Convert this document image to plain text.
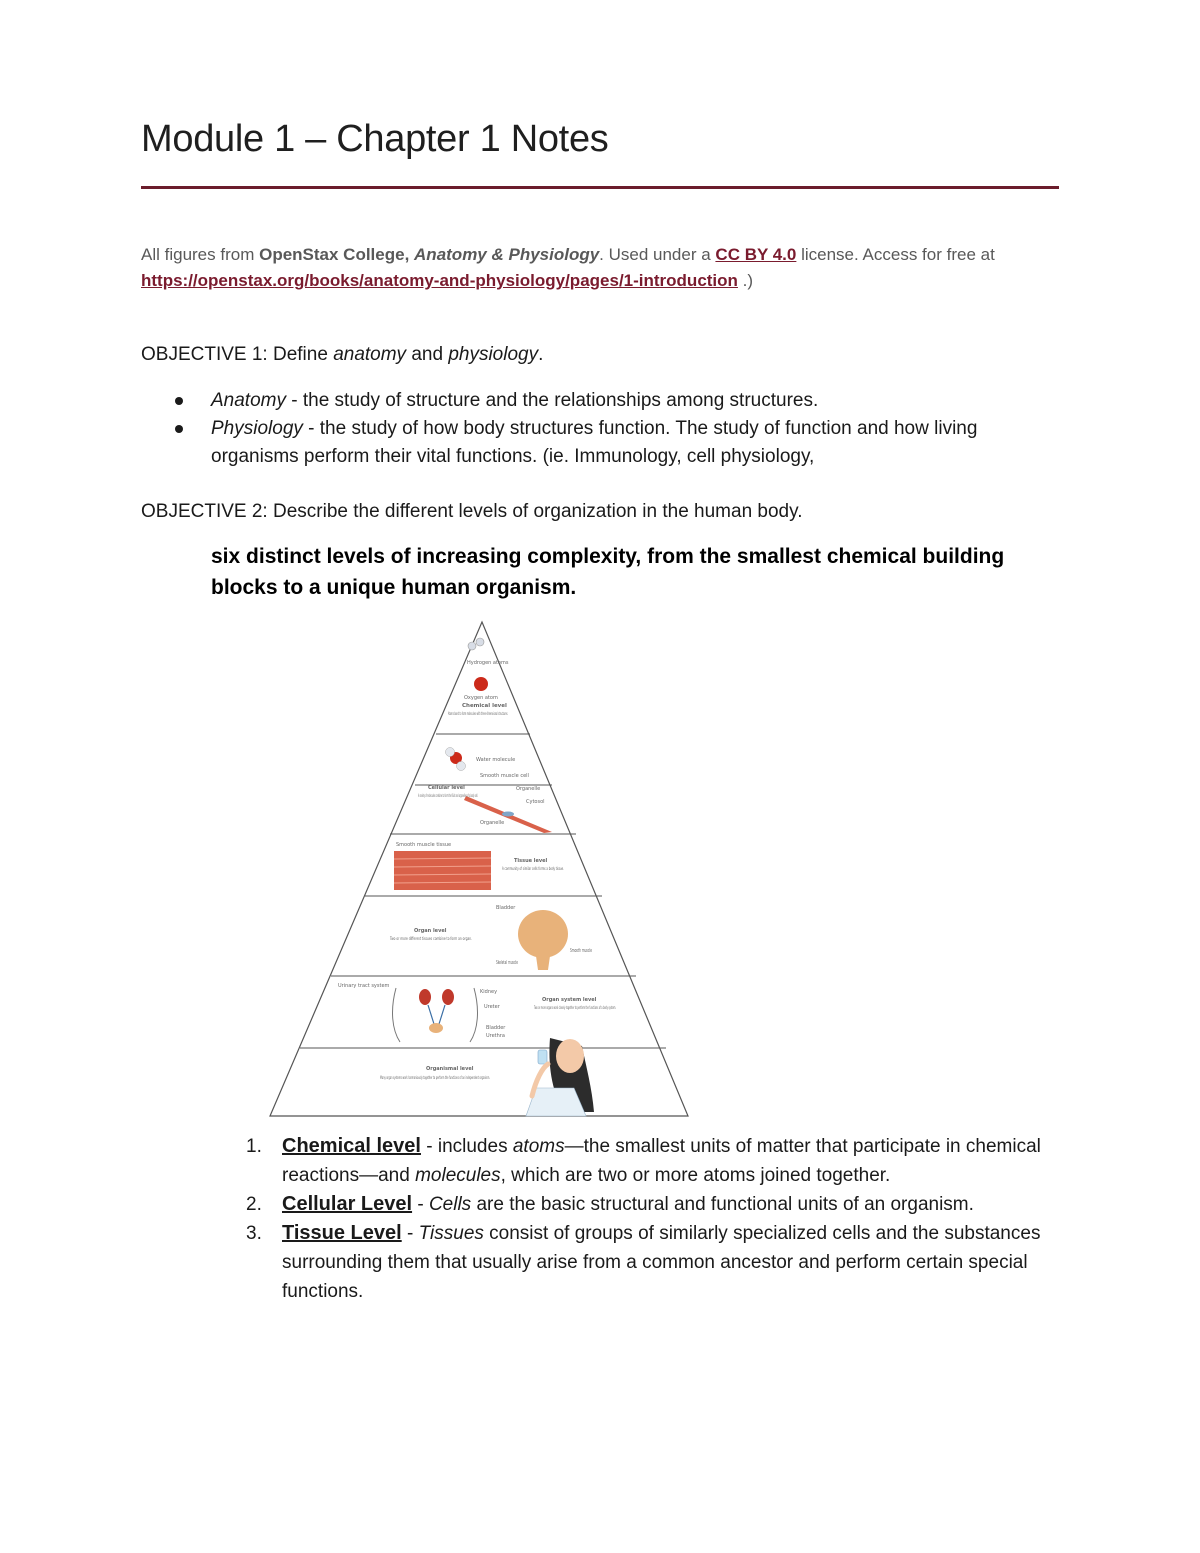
Module 1 – Chapter 1 Notes
All figures from OpenStax College, Anatomy & Physiology. Used under a CC BY 4.0 license. Access for free at https://openstax.org/books/anatomy-and-physiology/pages/1-introduction .)
OBJECTIVE 1: Define anatomy and physiology.
Anatomy - the study of structure and the relationships among structures.
Physiology - the study of how body structures function. The study of function and how living organisms perform their vital functions. (ie. Immunology, cell physiology,
OBJECTIVE 2: Describe the different levels of organization in the human body.
six distinct levels of increasing complexity, from the smallest chemical building blocks to a unique human organism.
Hydrogen atoms
Oxygen atom
Chemical level
Atoms bond to form molecules with three-dimensional structures.
Water molecule
Smooth muscle cell
Cellular level	Organelle
Cytosol
Organelle
Smooth muscle tissue
Tissue level
A community of similar cells forms a body tissue.
Bladder
Organ level
Two or more different tissues combine to form an organ.
Smooth muscle
Skeletal muscle
Urinary tract system
Kidney
Ureter
Bladder
Urethra
Organ system level
Organismal level
1. Chemical level - includes atoms—the smallest units of matter that participate in chemical reactions—and molecules, which are two or more atoms joined together.
2. Cellular Level - Cells are the basic structural and functional units of an organism.
3. Tissue Level - Tissues consist of groups of similarly specialized cells and the substances surrounding them that usually arise from a common ancestor and perform certain special functions.
